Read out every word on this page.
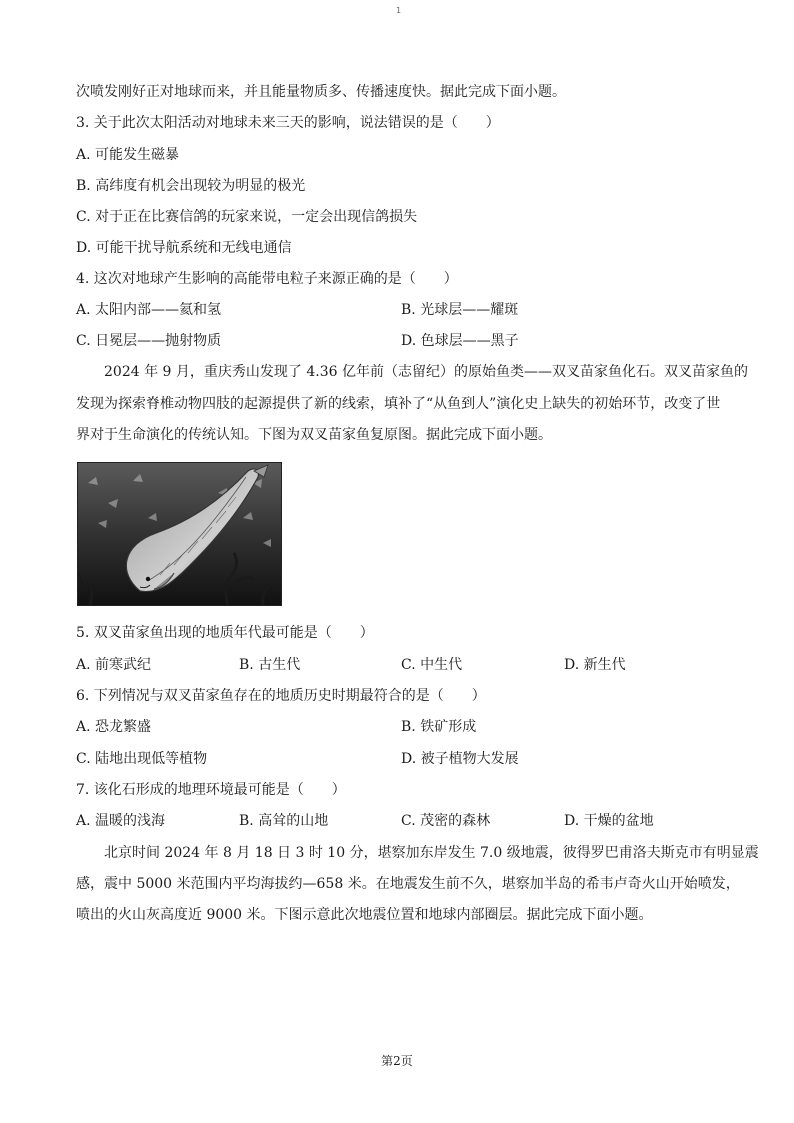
1
次喷发刚好正对地球而来，并且能量物质多、传播速度快。据此完成下面小题。
3. 关于此次太阳活动对地球未来三天的影响，说法错误的是（　　）
A. 可能发生磁暴
B. 高纬度有机会出现较为明显的极光
C. 对于正在比赛信鸽的玩家来说，一定会出现信鸽损失
D. 可能干扰导航系统和无线电通信
4. 这次对地球产生影响的高能带电粒子来源正确的是（　　）
A. 太阳内部——氦和氢	B. 光球层——耀斑
C. 日冕层——抛射物质	D. 色球层——黑子
2024 年 9 月，重庆秀山发现了 4.36 亿年前（志留纪）的原始鱼类——双叉苗家鱼化石。双叉苗家鱼的
发现为探索脊椎动物四肢的起源提供了新的线索，填补了“从鱼到人”演化史上缺失的初始环节，改变了世
界对于生命演化的传统认知。下图为双叉苗家鱼复原图。据此完成下面小题。
5. 双叉苗家鱼出现的地质年代最可能是（　　）
A. 前寒武纪	B. 古生代	C. 中生代	D. 新生代
6. 下列情况与双叉苗家鱼存在的地质历史时期最符合的是（　　）
A. 恐龙繁盛	B. 铁矿形成
C. 陆地出现低等植物	D. 被子植物大发展
7. 该化石形成的地理环境最可能是（　　）
A. 温暖的浅海	B. 高耸的山地	C. 茂密的森林	D. 干燥的盆地
北京时间 2024 年 8 月 18 日 3 时 10 分，堪察加东岸发生 7.0 级地震，彼得罗巴甫洛夫斯克市有明显震
感，震中 5000 米范围内平均海拔约—658 米。在地震发生前不久，堪察加半岛的希韦卢奇火山开始喷发，
喷出的火山灰高度近 9000 米。下图示意此次地震位置和地球内部圈层。据此完成下面小题。
第2页
